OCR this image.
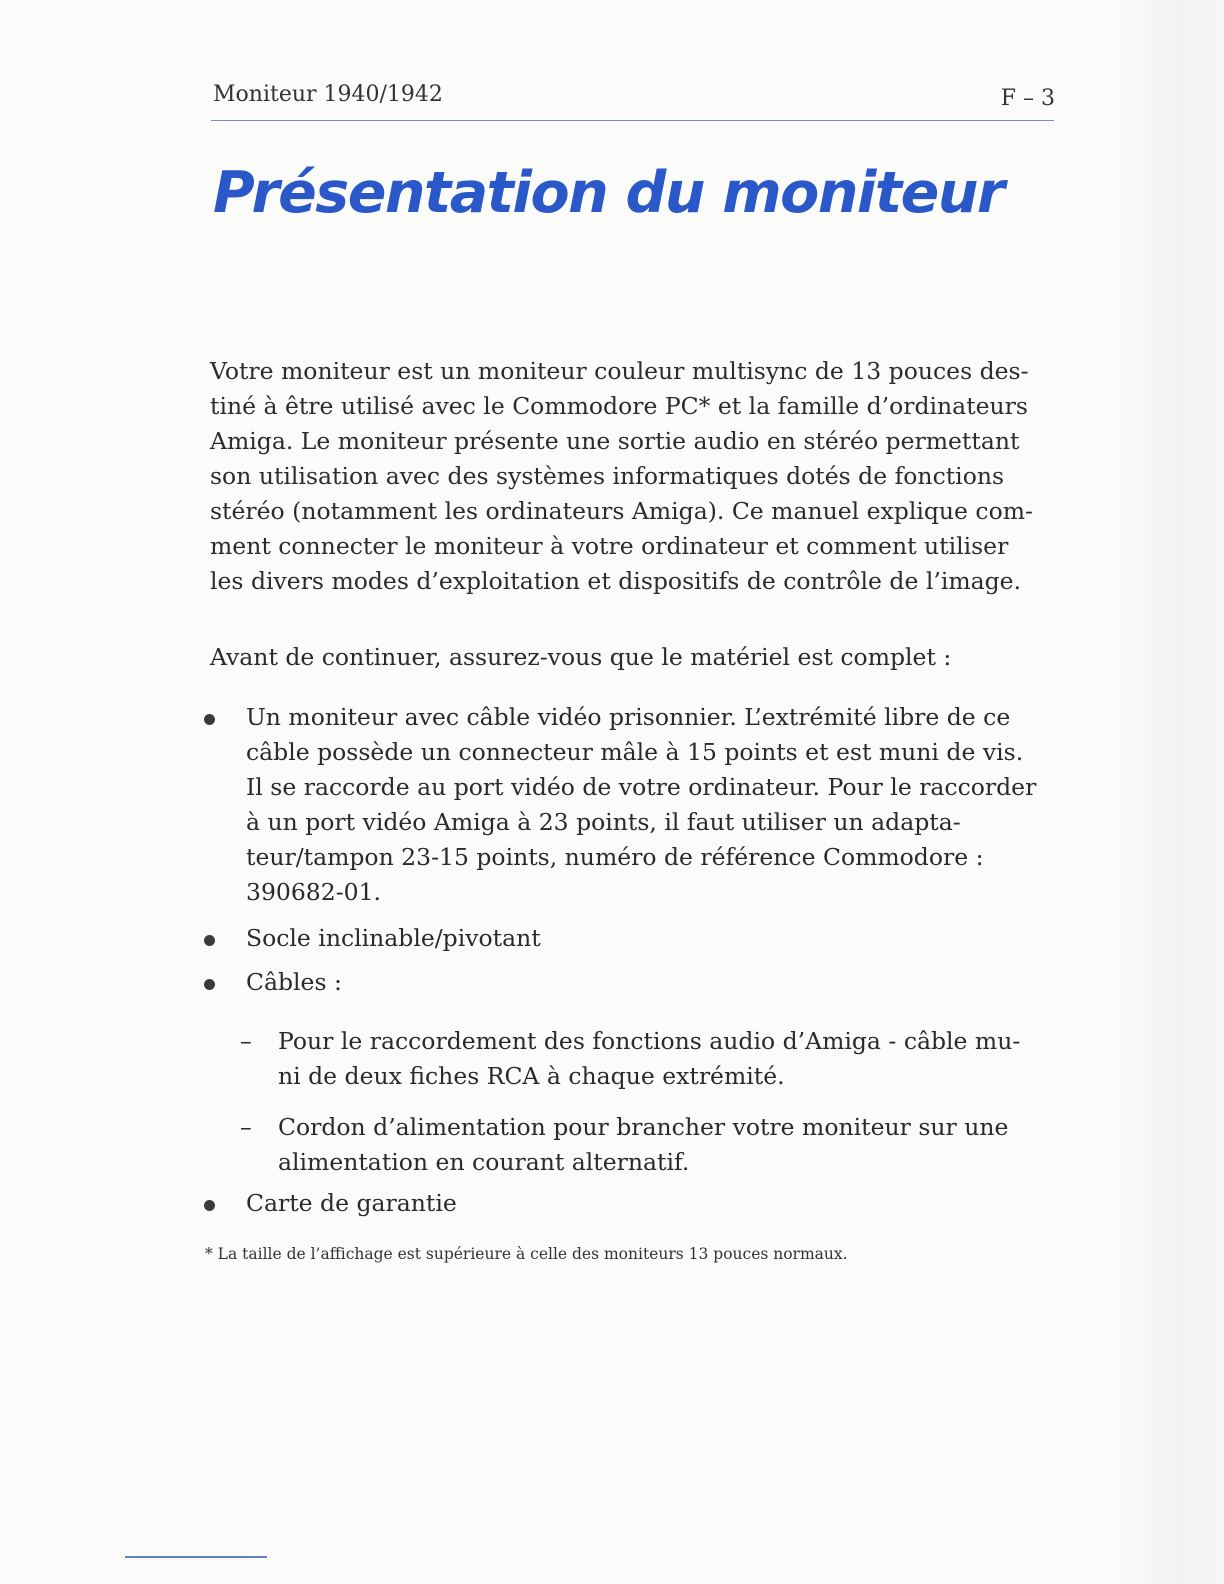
Moniteur 1940/1942	F – 3
Présentation du moniteur

Votre moniteur est un moniteur couleur multisync de 13 pouces des-
tiné à être utilisé avec le Commodore PC* et la famille d’ordinateurs
Amiga. Le moniteur présente une sortie audio en stéréo permettant
son utilisation avec des systèmes informatiques dotés de fonctions
stéréo (notamment les ordinateurs Amiga). Ce manuel explique com-
ment connecter le moniteur à votre ordinateur et comment utiliser
les divers modes d’exploitation et dispositifs de contrôle de l’image.

Avant de continuer, assurez-vous que le matériel est complet :

Un moniteur avec câble vidéo prisonnier. L’extrémité libre de ce
câble possède un connecteur mâle à 15 points et est muni de vis.
Il se raccorde au port vidéo de votre ordinateur. Pour le raccorder
à un port vidéo Amiga à 23 points, il faut utiliser un adapta-
teur/tampon 23-15 points, numéro de référence Commodore :
390682-01.
Socle inclinable/pivotant
Câbles :
– Pour le raccordement des fonctions audio d’Amiga - câble mu-
ni de deux fiches RCA à chaque extrémité.
– Cordon d’alimentation pour brancher votre moniteur sur une
alimentation en courant alternatif.
Carte de garantie
* La taille de l’affichage est supérieure à celle des moniteurs 13 pouces normaux.
